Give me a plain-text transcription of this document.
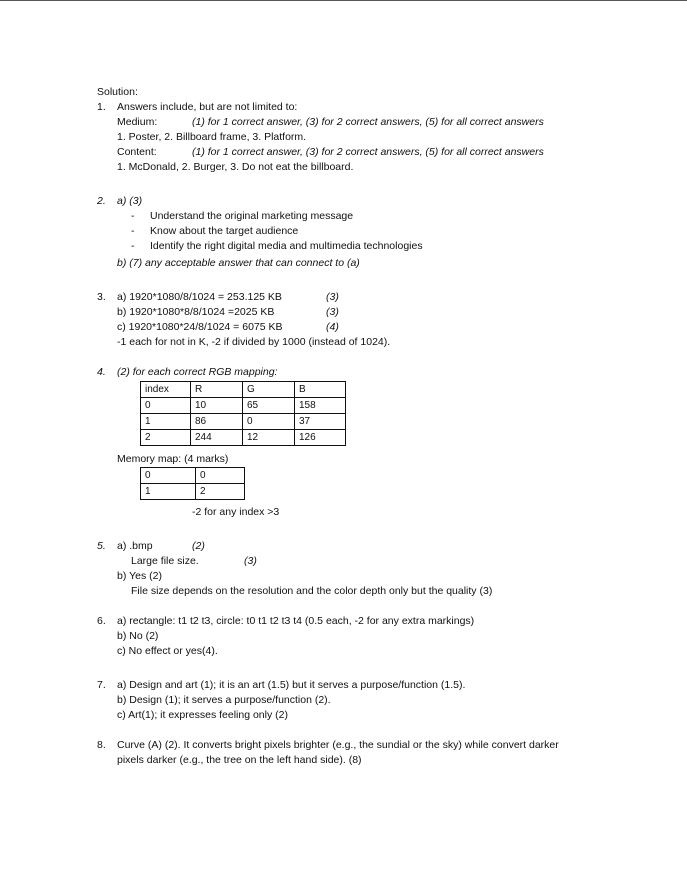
Solution:
1. Answers include, but are not limited to:
Medium:	(1) for 1 correct answer, (3) for 2 correct answers, (5) for all correct answers
1. Poster, 2. Billboard frame, 3. Platform.
Content:	(1) for 1 correct answer, (3) for 2 correct answers, (5) for all correct answers
1. McDonald, 2. Burger, 3. Do not eat the billboard.
2. a) (3)
- Understand the original marketing message
- Know about the target audience
- Identify the right digital media and multimedia technologies
b) (7) any acceptable answer that can connect to (a)
3. a) 1920*1080/8/1024 = 253.125 KB	(3)
b) 1920*1080*8/8/1024 =2025 KB	(3)
c) 1920*1080*24/8/1024 = 6075 KB	(4)
-1 each for not in K, -2 if divided by 1000 (instead of 1024).
4. (2) for each correct RGB mapping:
index	R	G	B
0	10	65	158
1	86	0	37
2	244	12	126
Memory map: (4 marks)
0	0
1	2
-2 for any index >3
5. a) .bmp	(2)
Large file size.	(3)
b) Yes (2)
File size depends on the resolution and the color depth only but the quality (3)
6. a) rectangle: t1 t2 t3, circle: t0 t1 t2 t3 t4 (0.5 each, -2 for any extra markings)
b) No (2)
c) No effect or yes(4).
7. a) Design and art (1); it is an art (1.5) but it serves a purpose/function (1.5).
b) Design (1); it serves a purpose/function (2).
c) Art(1); it expresses feeling only (2)
8. Curve (A) (2). It converts bright pixels brighter (e.g., the sundial or the sky) while convert darker
pixels darker (e.g., the tree on the left hand side). (8)
